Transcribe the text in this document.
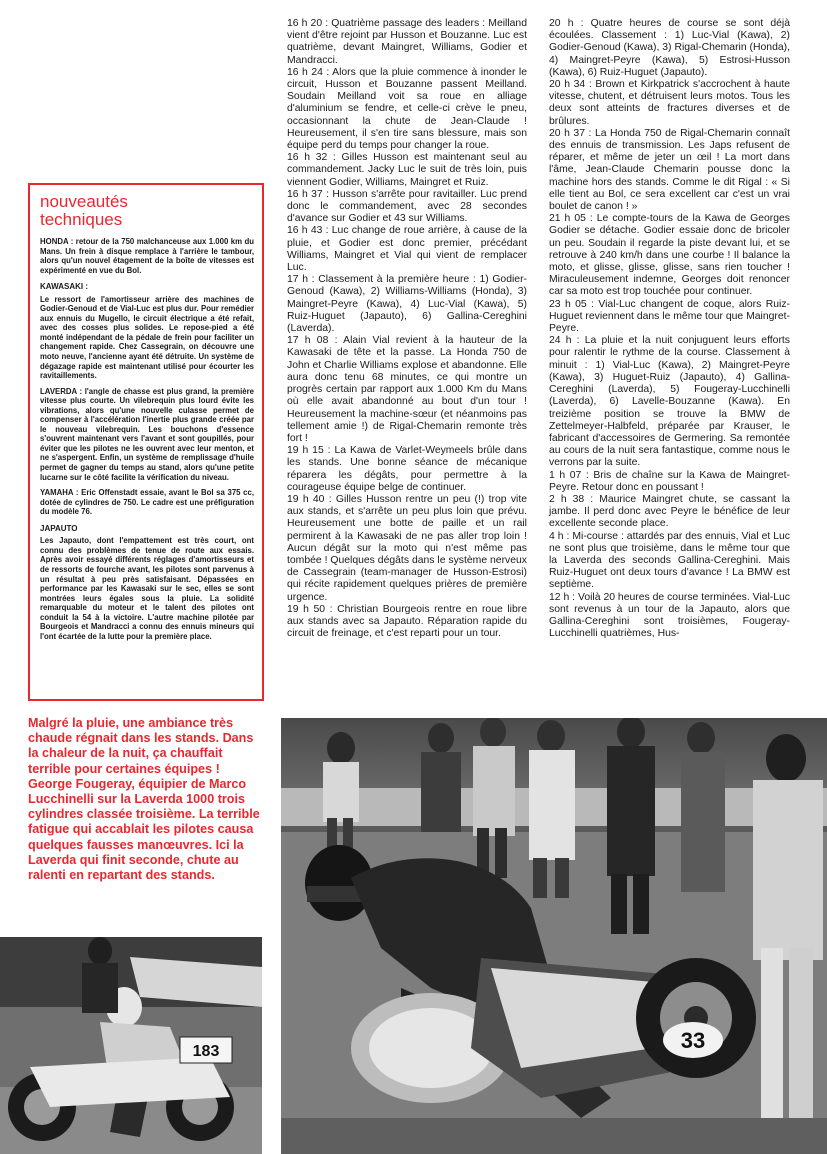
16 h 20 : Quatrième passage des leaders : Meilland vient d'être rejoint par Husson et Bouzanne. Luc est quatrième, devant Maingret, Williams, Godier et Mandracci.

16 h 24 : Alors que la pluie commence à inonder le circuit, Husson et Bouzanne passent Meilland. Soudain Meilland voit sa roue en alliage d'aluminium se fendre, et celle-ci crève le pneu, occasionnant la chute de Jean-Claude ! Heureusement, il s'en tire sans blessure, mais son équipe perd du temps pour changer la roue.

16 h 32 : Gilles Husson est maintenant seul au commandement. Jacky Luc le suit de très loin, puis viennent Godier, Williams, Maingret et Ruiz.

16 h 37 : Husson s'arrête pour ravitailler. Luc prend donc le commandement, avec 28 secondes d'avance sur Godier et 43 sur Williams.

16 h 43 : Luc change de roue arrière, à cause de la pluie, et Godier est donc premier, précédant Williams, Maingret et Vial qui vient de remplacer Luc.

17 h : Classement à la première heure : 1) Godier-Genoud (Kawa), 2) Williams-Williams (Honda), 3) Maingret-Peyre (Kawa), 4) Luc-Vial (Kawa), 5) Ruiz-Huguet (Japauto), 6) Gallina-Cereghini (Laverda).

17 h 08 : Alain Vial revient à la hauteur de la Kawasaki de tête et la passe. La Honda 750 de John et Charlie Williams explose et abandonne. Elle aura donc tenu 68 minutes, ce qui montre un progrès certain par rapport aux 1.000 Km du Mans où elle avait abandonné au bout d'un tour ! Heureusement la machine-sœur (et néanmoins pas tellement amie !) de Rigal-Chemarin remonte très fort !

19 h 15 : La Kawa de Varlet-Weymeels brûle dans les stands. Une bonne séance de mécanique réparera les dégâts, pour permettre à la courageuse équipe belge de continuer.

19 h 40 : Gilles Husson rentre un peu (!) trop vite aux stands, et s'arrête un peu plus loin que prévu. Heureusement une botte de paille et un rail permirent à la Kawasaki de ne pas aller trop loin ! Aucun dégât sur la moto qui n'est même pas tombée ! Quelques dégâts dans le système nerveux de Cassegrain (team-manager de Husson-Estrosi) qui récite rapidement quelques prières de première urgence.

19 h 50 : Christian Bourgeois rentre en roue libre aux stands avec sa Japauto. Réparation rapide du circuit de freinage, et c'est reparti pour un tour.

20 h : Quatre heures de course se sont déjà écoulées. Classement : 1) Luc-Vial (Kawa), 2) Godier-Genoud (Kawa), 3) Rigal-Chemarin (Honda), 4) Maingret-Peyre (Kawa), 5) Estrosi-Husson (Kawa), 6) Ruiz-Huguet (Japauto).

20 h 34 : Brown et Kirkpatrick s'accrochent à haute vitesse, chutent, et détruisent leurs motos. Tous les deux sont atteints de fractures diverses et de brûlures.

20 h 37 : La Honda 750 de Rigal-Chemarin connaît des ennuis de transmission. Les Japs refusent de réparer, et même de jeter un œil ! La mort dans l'âme, Jean-Claude Chemarin pousse donc la machine hors des stands. Comme le dit Rigal : « Si elle tient au Bol, ce sera excellent car c'est un vrai boulet de canon ! »

21 h 05 : Le compte-tours de la Kawa de Georges Godier se détache. Godier essaie donc de bricoler un peu. Soudain il regarde la piste devant lui, et se retrouve à 240 km/h dans une courbe ! Il balance la moto, et glisse, glisse, glisse, sans rien toucher ! Miraculeusement indemne, Georges doit renoncer car sa moto est trop touchée pour continuer.

23 h 05 : Vial-Luc changent de coque, alors Ruiz-Huguet reviennent dans le même tour que Maingret-Peyre.

24 h : La pluie et la nuit conjuguent leurs efforts pour ralentir le rythme de la course. Classement à minuit : 1) Vial-Luc (Kawa), 2) Maingret-Peyre (Kawa), 3) Huguet-Ruiz (Japauto), 4) Gallina-Cereghini (Laverda), 5) Fougeray-Lucchinelli (Laverda), 6) Lavelle-Bouzanne (Kawa). En treizième position se trouve la BMW de Zettelmeyer-Halbfeld, préparée par Krauser, le fabricant d'accessoires de Germering. Sa remontée au cours de la nuit sera fantastique, comme nous le verrons par la suite.

1 h 07 : Bris de chaîne sur la Kawa de Maingret-Peyre. Retour donc en poussant !

2 h 38 : Maurice Maingret chute, se cassant la jambe. Il perd donc avec Peyre le bénéfice de leur excellente seconde place.

4 h : Mi-course : attardés par des ennuis, Vial et Luc ne sont plus que troisième, dans le même tour que la Laverda des seconds Gallina-Cereghini. Mais Ruiz-Huguet ont deux tours d'avance ! La BMW est septième.

12 h : Voilà 20 heures de course terminées. Vial-Luc sont revenus à un tour de la Japauto, alors que Gallina-Cereghini sont troisièmes, Fougeray-Lucchinelli quatrièmes, Hus-

nouveautés
techniques

HONDA : retour de la 750 malchanceuse aux 1.000 km du Mans. Un frein à disque remplace à l'arrière le tambour, alors qu'un nouvel étagement de la boîte de vitesses est expérimenté en vue du Bol.

KAWASAKI :

Le ressort de l'amortisseur arrière des machines de Godier-Genoud et de Vial-Luc est plus dur. Pour remédier aux ennuis du Mugello, le circuit électrique a été refait, avec des cosses plus solides. Le repose-pied a été monté indépendant de la pédale de frein pour faciliter un changement rapide. Chez Cassegrain, on découvre une moto neuve, l'ancienne ayant été détruite. Un système de dégazage rapide est maintenant utilisé pour écourter les ravitaillements.

LAVERDA : l'angle de chasse est plus grand, la première vitesse plus courte. Un vilebrequin plus lourd évite les vibrations, alors qu'une nouvelle culasse permet de compenser à l'accélération l'inertie plus grande créée par le nouveau vilebrequin. Les bouchons d'essence s'ouvrent maintenant vers l'avant et sont goupillés, pour éviter que les pilotes ne les ouvrent avec leur menton, et ne s'aspergent. Enfin, un système de remplissage d'huile permet de gagner du temps au stand, alors qu'une petite lucarne sur le côté facilite la vérification du niveau.

YAMAHA : Eric Offenstadt essaie, avant le Bol sa 375 cc, dotée de cylindres de 750. Le cadre est une préfiguration du modèle 76.

JAPAUTO

Les Japauto, dont l'empattement est très court, ont connu des problèmes de tenue de route aux essais. Après avoir essayé différents réglages d'amortisseurs et de ressorts de fourche avant, les pilotes sont parvenus à un résultat à peu près satisfaisant. Dépassées en performance par les Kawasaki sur le sec, elles se sont montrées leurs égales sous la pluie. La solidité remarquable du moteur et le talent des pilotes ont conduit la 54 à la victoire. L'autre machine pilotée par Bourgeois et Mandracci a connu des ennuis mineurs qui l'ont écartée de la lutte pour la première place.

Malgré la pluie, une ambiance très chaude régnait dans les stands. Dans la chaleur de la nuit, ça chauffait terrible pour certaines équipes ! George Fougeray, équipier de Marco Lucchinelli sur la Laverda 1000 trois cylindres classée troisième. La terrible fatigue qui accablait les pilotes causa quelques fausses manœuvres. Ici la Laverda qui finit seconde, chute au ralenti en repartant des stands.

33
183
